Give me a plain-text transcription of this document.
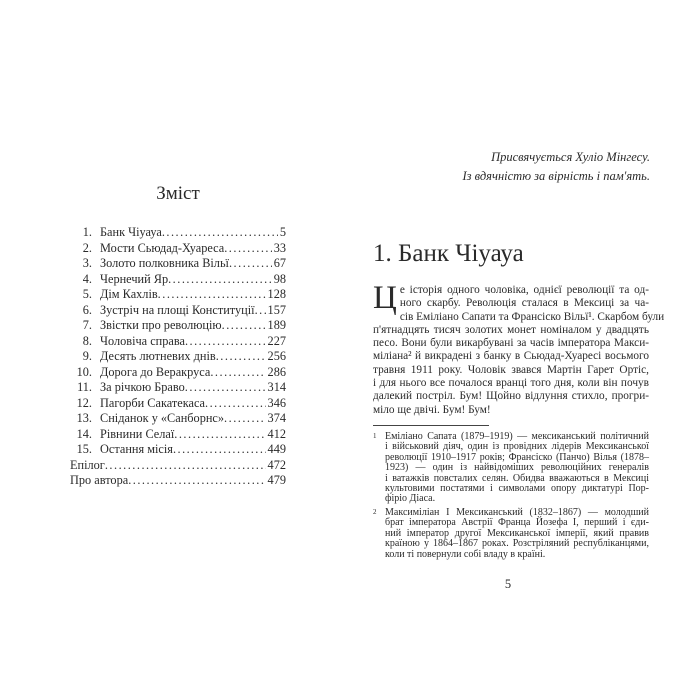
Присвячується Хуліо Мінгесу.
Із вдячністю за вірність і пам'ять.
Зміст
1. Банк Чіуауа .....	5
2. Мости Сьюдад-Хуареса .....	33
3. Золото полковника Вільї .....	67
4. Чернечий Яр .....	98
5. Дім Кахлів .....	128
6. Зустріч на площі Конституції ..... 157
7. Звістки про революцію .....	189
8. Чоловіча справа .....	227
9. Десять лютневих днів .....	256
10. Дорога до Веракруса .....	286
11. За річкою Браво .....	314
12. Пагорби Сакатекаса .....	346
13. Сніданок у «Санборнс» .....	374
14. Рівнини Селаї .....	412
15. Остання місія .....	449
Епілог .....	472
Про автора .....	479
1. Банк Чіуауа
Ц е історія одного чоловіка, однієї революції та од-
ного скарбу. Революція сталася в Мексиці за ча-
сів Еміліано Сапати та Франсіско Вільї¹. Скарбом були
п'ятнадцять тисяч золотих монет номіналом у двадцять
песо. Вони були викарбувані за часів імператора Макси-
міліана² й викрадені з банку в Сьюдад-Хуаресі восьмого
травня 1911 року. Чоловік звався Мартін Гарет Ортіс,
і для нього все почалося вранці того дня, коли він почув
далекий постріл. Бум! Щойно відлуння стихло, прогри-
міло ще двічі. Бум! Бум!
1 Еміліано Сапата (1879–1919) — мексиканський політичний
і військовий діяч, один із провідних лідерів Мексиканської
революції 1910–1917 років; Франсіско (Панчо) Вілья (1878–
1923) — один із найвідоміших революційних генералів
і ватажків повсталих селян. Обидва вважаються в Мексиці
культовими постатями і символами опору диктатурі Пор-
фіріо Діаса.
2 Максиміліан I Мексиканський (1832–1867) — молодший
брат імператора Австрії Франца Йозефа I, перший і єди-
ний імператор другої Мексиканської імперії, який правив
країною у 1864–1867 роках. Розстріляний республіканцями,
коли ті повернули собі владу в країні.
5
